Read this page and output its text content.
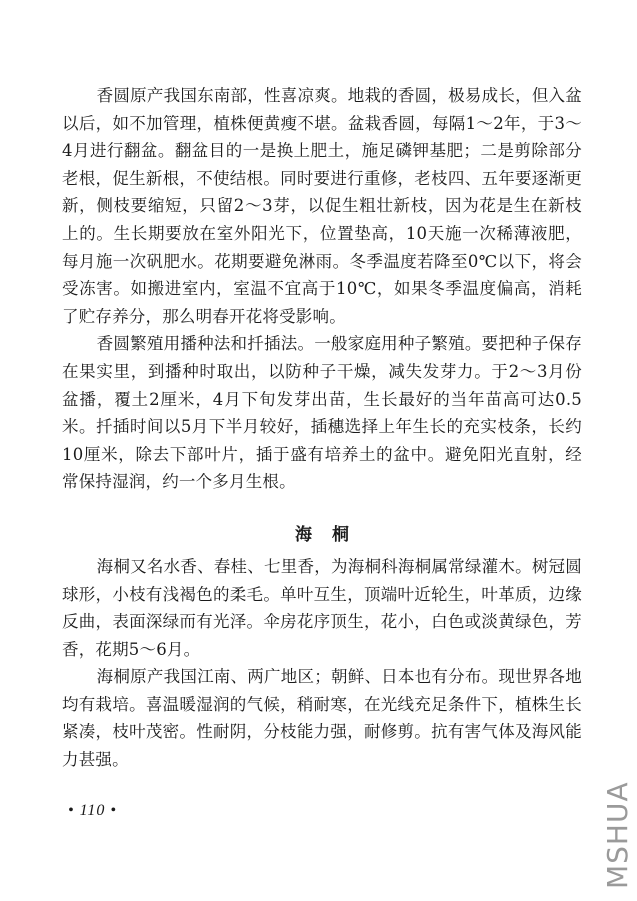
香圆原产我国东南部，性喜凉爽。地栽的香圆，极易成长，但入盆以后，如不加管理，植株便黄瘦不堪。盆栽香圆，每隔1～2年，于3～4月进行翻盆。翻盆目的一是换上肥土，施足磷钾基肥；二是剪除部分老根，促生新根，不使结根。同时要进行重修，老枝四、五年要逐渐更新，侧枝要缩短，只留2～3芽，以促生粗壮新枝，因为花是生在新枝上的。生长期要放在室外阳光下，位置垫高，10天施一次稀薄液肥，每月施一次矾肥水。花期要避免淋雨。冬季温度若降至0℃以下，将会受冻害。如搬进室内，室温不宜高于10℃，如果冬季温度偏高，消耗了贮存养分，那么明春开花将受影响。

香圆繁殖用播种法和扦插法。一般家庭用种子繁殖。要把种子保存在果实里，到播种时取出，以防种子干燥，减失发芽力。于2～3月份盆播，覆土2厘米，4月下旬发芽出苗，生长最好的当年苗高可达0.5米。扦插时间以5月下半月较好，插穗选择上年生长的充实枝条，长约10厘米，除去下部叶片，插于盛有培养土的盆中。避免阳光直射，经常保持湿润，约一个多月生根。

海桐

海桐又名水香、春桂、七里香，为海桐科海桐属常绿灌木。树冠圆球形，小枝有浅褐色的柔毛。单叶互生，顶端叶近轮生，叶革质，边缘反曲，表面深绿而有光泽。伞房花序顶生，花小，白色或淡黄绿色，芳香，花期5～6月。

海桐原产我国江南、两广地区；朝鲜、日本也有分布。现世界各地均有栽培。喜温暖湿润的气候，稍耐寒，在光线充足条件下，植株生长紧凑，枝叶茂密。性耐阴，分枝能力强，耐修剪。抗有害气体及海风能力甚强。

• 110 •	MSHUA
